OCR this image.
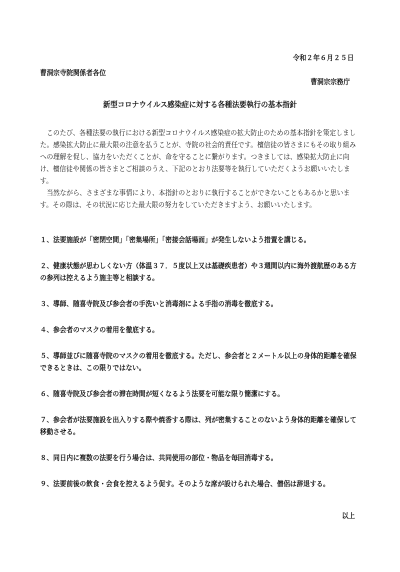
令和２年６月２５日
曹洞宗寺院関係者各位
曹洞宗宗務庁
新型コロナウイルス感染症に対する各種法要執行の基本指針

　このたび、各種法要の執行における新型コロナウイルス感染症の拡大防止のための基本指針を策定しました。感染拡大防止に最大限の注意を払うことが、寺院の社会的責任です。檀信徒の皆さまにもその取り組みへの理解を促し、協力をいただくことが、命を守ることに繋がります。つきましては、感染拡大防止に向け、檀信徒や関係の皆さまとご相談のうえ、下記のとおり法要等を執行していただくようお願いいたします。

　当然ながら、さまざまな事情により、本指針のとおりに執行することができないこともあるかと思います。その際は、その状況に応じた最大限の努力をしていただきますよう、お願いいたします。

１、法要施設が「密閉空間」「密集場所」「密接会話場面」が発生しないよう措置を講じる。

２、健康状態が思わしくない方（体温３７．５度以上又は基礎疾患者）や３週間以内に海外渡航歴のある方の参列は控えるよう施主等と相談する。

３、導師、随喜寺院及び参会者の手洗いと消毒剤による手指の消毒を徹底する。

４、参会者のマスクの着用を徹底する。

５、導師並びに随喜寺院のマスクの着用を徹底する。ただし、参会者と２メートル以上の身体的距離を確保できるときは、この限りではない。

６、随喜寺院及び参会者の滞在時間が短くなるよう法要を可能な限り簡潔にする。

７、参会者が法要施設を出入りする際や焼香する際は、列が密集することのないよう身体的距離を確保して移動させる。

８、同日内に複数の法要を行う場合は、共同使用の部位・物品を毎回消毒する。

９、法要前後の飲食・会食を控えるよう促す。そのような席が設けられた場合、僧侶は辞退する。

以上
